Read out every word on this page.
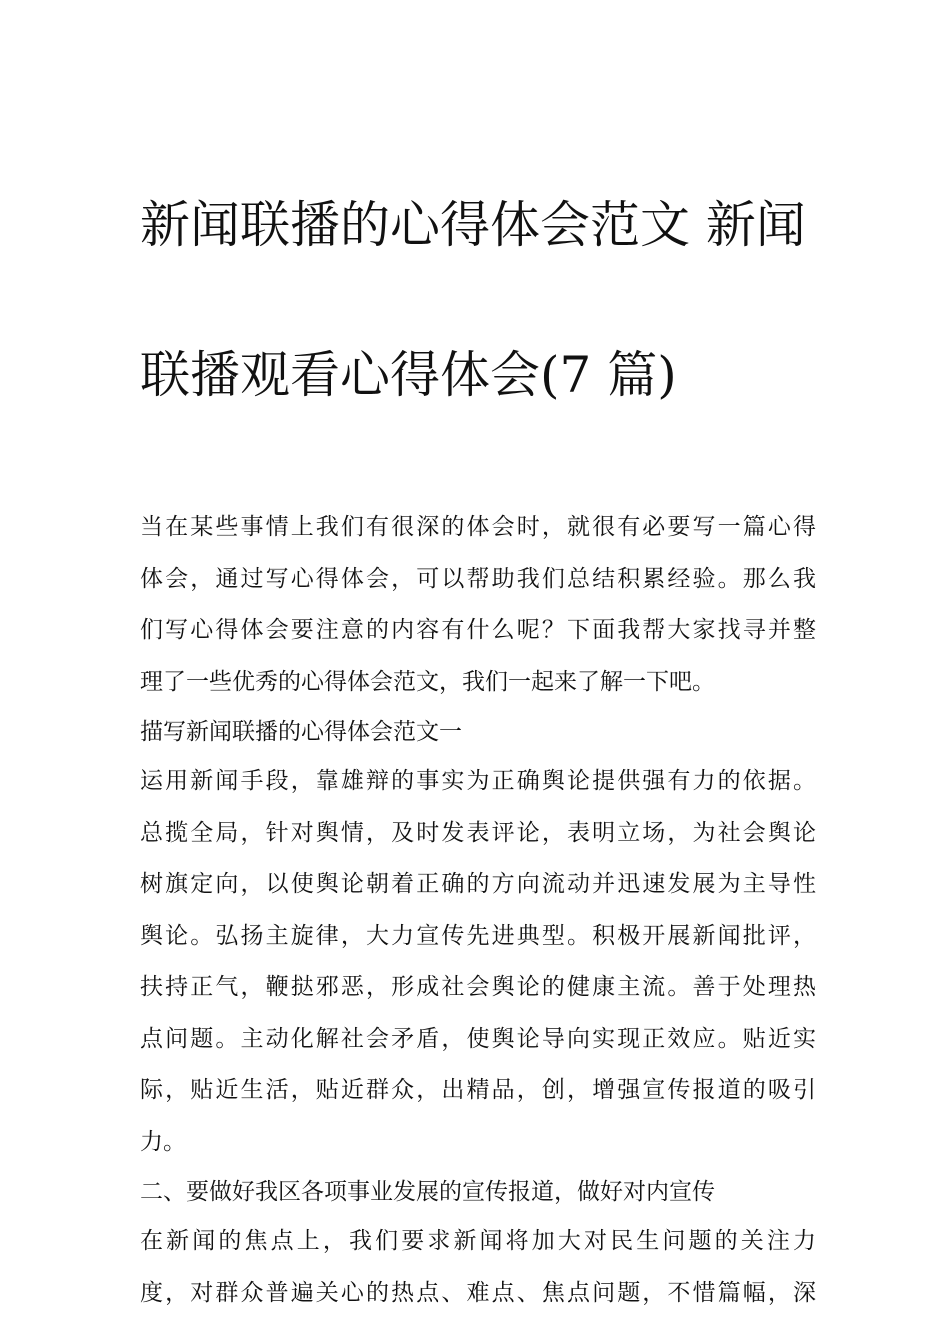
新闻联播的心得体会范文 新闻

联播观看心得体会(7 篇)

当在某些事情上我们有很深的体会时，就很有必要写一篇心得
体会，通过写心得体会，可以帮助我们总结积累经验。那么我
们写心得体会要注意的内容有什么呢？下面我帮大家找寻并整
理了一些优秀的心得体会范文，我们一起来了解一下吧。
描写新闻联播的心得体会范文一
运用新闻手段，靠雄辩的事实为正确舆论提供强有力的依据。
总揽全局，针对舆情，及时发表评论，表明立场，为社会舆论
树旗定向，以使舆论朝着正确的方向流动并迅速发展为主导性
舆论。弘扬主旋律，大力宣传先进典型。积极开展新闻批评，
扶持正气，鞭挞邪恶，形成社会舆论的健康主流。善于处理热
点问题。主动化解社会矛盾，使舆论导向实现正效应。贴近实
际，贴近生活，贴近群众，出精品，创，增强宣传报道的吸引
力。
二、要做好我区各项事业发展的宣传报道，做好对内宣传
在新闻的焦点上，我们要求新闻将加大对民生问题的关注力
度，对群众普遍关心的热点、难点、焦点问题，不惜篇幅，深
